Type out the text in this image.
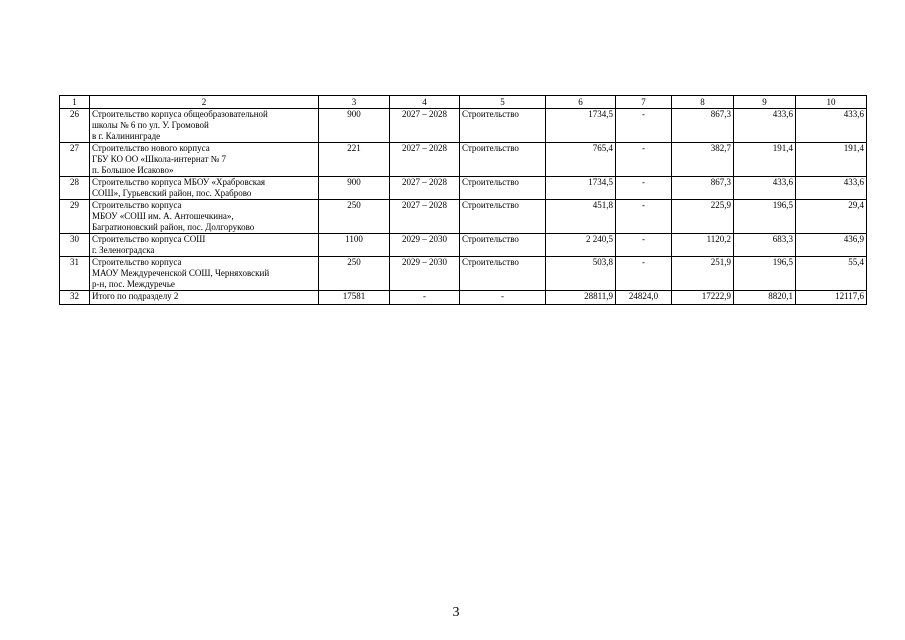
1	2	3	4	5	6	7	8	9	10
26	Строительство корпуса общеобразовательной
школы № 6 по ул. У. Громовой
в г. Калининграде	900	2027 – 2028	Строительство	1734,5	-	867,3	433,6	433,6
27	Строительство нового корпуса
ГБУ КО ОО «Школа-интернат № 7
п. Большое Исаково»	221	2027 – 2028	Строительство	765,4	-	382,7	191,4	191,4
28	Строительство корпуса МБОУ «Храбровская
СОШ», Гурьевский район, пос. Храброво	900	2027 – 2028	Строительство	1734,5	-	867,3	433,6	433,6
29	Строительство корпуса
МБОУ «СОШ им. А. Антошечкина»,
Багратионовский район, пос. Долгоруково	250	2027 – 2028	Строительство	451,8	-	225,9	196,5	29,4
30	Строительство корпуса СОШ
г. Зеленоградска	1100	2029 – 2030	Строительство	2 240,5	-	1120,2	683,3	436,9
31	Строительство корпуса
МАОУ Междуреченской СОШ, Черняховский
р-н, пос. Междуречье	250	2029 – 2030	Строительство	503,8	-	251,9	196,5	55,4
32	Итого по подразделу 2	17581	-	-	28811,9	24824,0	17222,9	8820,1	12117,6
3
